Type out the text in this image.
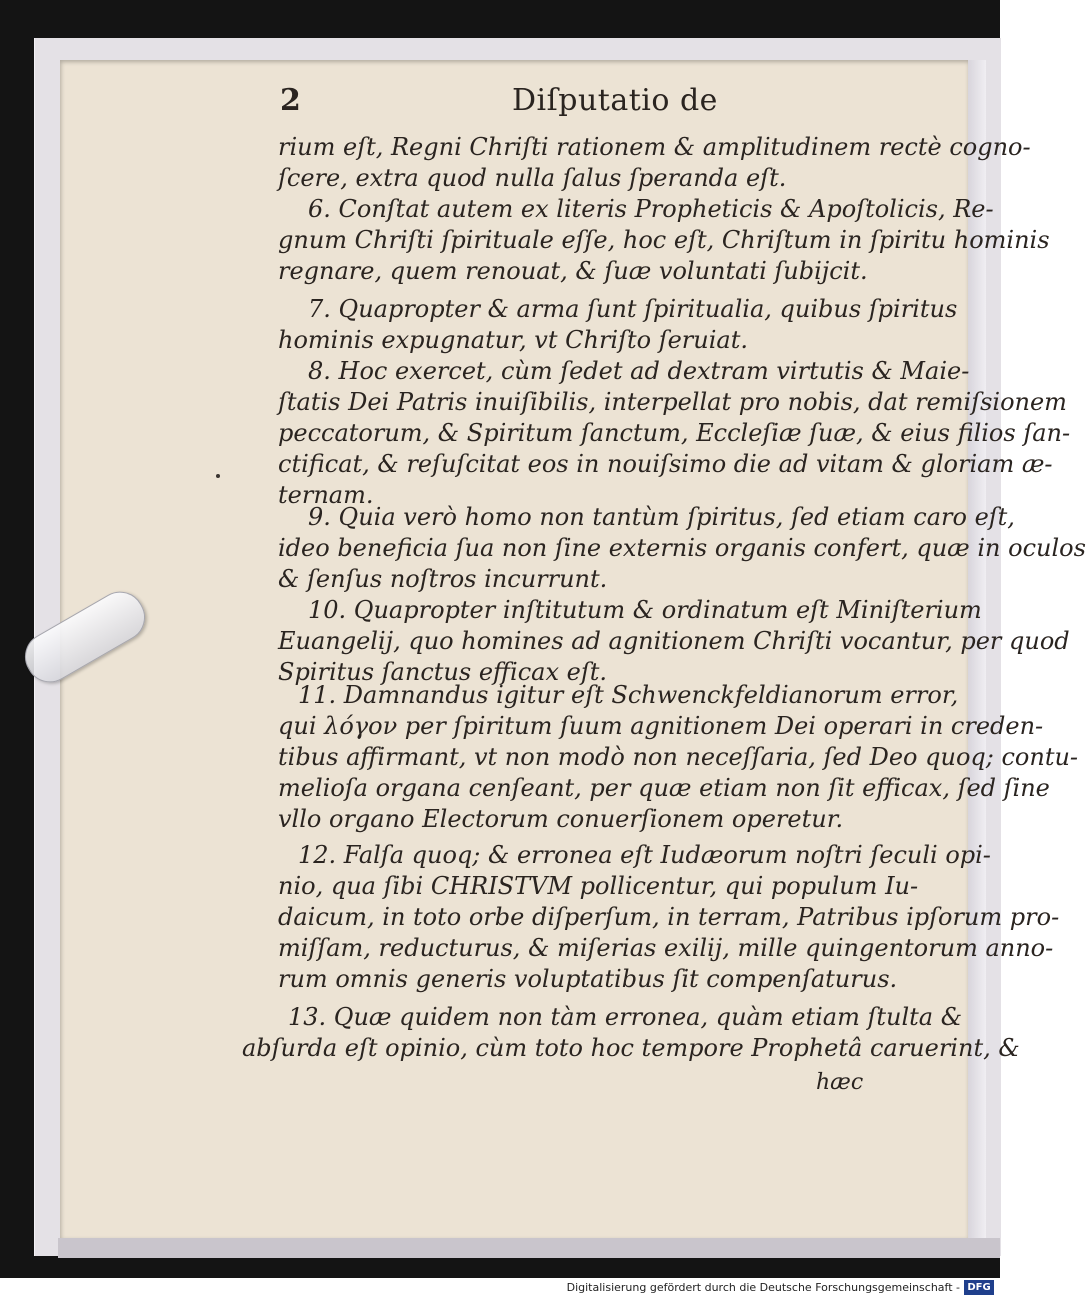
2	Diſputatio de
rium eſt, Regni Chriſti rationem & amplitudinem rectè cogno-
ſcere, extra quod nulla ſalus ſperanda eſt.
6. Conſtat autem ex literis Propheticis & Apoſtolicis, Re-
gnum Chriſti ſpirituale eſſe, hoc eſt, Chriſtum in ſpiritu hominis
regnare, quem renouat, & ſuæ voluntati ſubijcit.
7. Quapropter & arma ſunt ſpiritualia, quibus ſpiritus
hominis expugnatur, vt Chriſto ſeruiat.
8. Hoc exercet, cùm ſedet ad dextram virtutis & Maie-
ſtatis Dei Patris inuiſibilis, interpellat pro nobis, dat remiſsionem
peccatorum, & Spiritum ſanctum, Eccleſiæ ſuæ, & eius filios ſan-
ctificat, & reſuſcitat eos in nouiſsimo die ad vitam & gloriam æ-
ternam.
9. Quia verò homo non tantùm ſpiritus, ſed etiam caro eſt,
ideo beneficia ſua non ſine externis organis confert, quæ in oculos
& ſenſus noſtros incurrunt.
10. Quapropter inſtitutum & ordinatum eſt Miniſterium
Euangelij, quo homines ad agnitionem Chriſti vocantur, per quod
Spiritus ſanctus efficax eſt.
11. Damnandus igitur eſt Schwenckfeldianorum error,
qui λόγον per ſpiritum ſuum agnitionem Dei operari in creden-
tibus affirmant, vt non modò non neceſſaria, ſed Deo quoq; contu-
melioſa organa cenſeant, per quæ etiam non ſit efficax, ſed ſine
vllo organo Electorum conuerſionem operetur.
12. Falſa quoq; & erronea eſt Iudæorum noſtri ſeculi opi-
nio, qua ſibi CHRISTVM pollicentur, qui populum Iu-
daicum, in toto orbe diſperſum, in terram, Patribus ipſorum pro-
miſſam, reducturus, & miſerias exilij, mille quingentorum anno-
rum omnis generis voluptatibus ſit compenſaturus.
13. Quæ quidem non tàm erronea, quàm etiam ſtulta &
abſurda eſt opinio, cùm toto hoc tempore Prophetâ caruerint, &
hæc
Digitalisierung gefördert durch die Deutsche Forschungsgemeinschaft - DFG
